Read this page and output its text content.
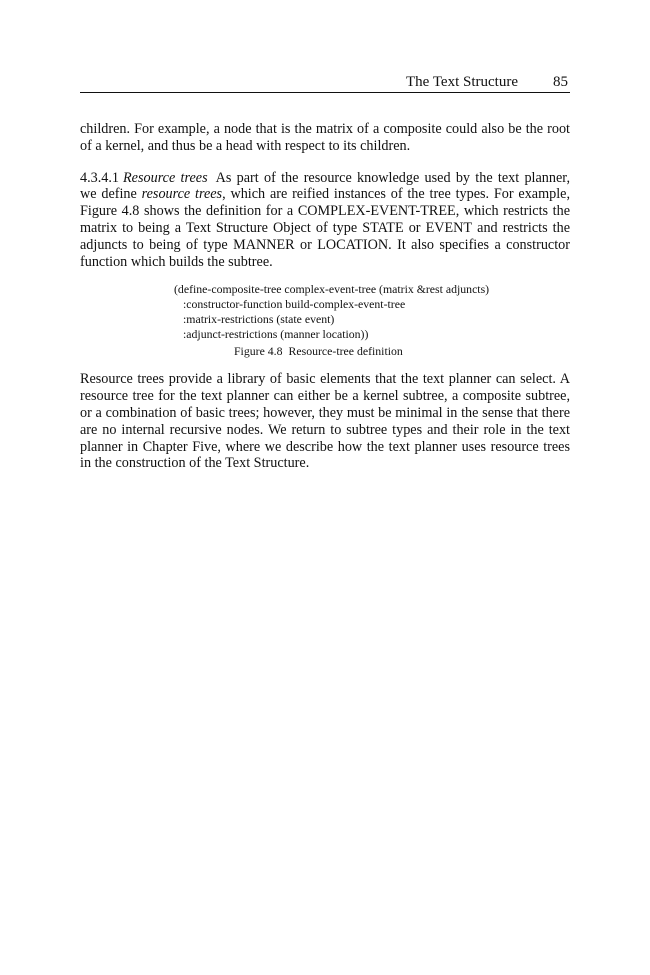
The Text Structure 85

children. For example, a node that is the matrix of a composite could also be the root of a kernel, and thus be a head with respect to its children.

4.3.4.1 Resource trees As part of the resource knowledge used by the text planner, we define resource trees, which are reified instances of the tree types. For example, Figure 4.8 shows the definition for a COMPLEX-EVENT-TREE, which restricts the matrix to being a Text Structure Object of type STATE or EVENT and restricts the adjuncts to being of type MANNER or LOCATION. It also specifies a constructor function which builds the subtree.

(define-composite-tree complex-event-tree (matrix &rest adjuncts)
:constructor-function build-complex-event-tree
:matrix-restrictions (state event)
:adjunct-restrictions (manner location))
Figure 4.8 Resource-tree definition

Resource trees provide a library of basic elements that the text planner can select. A resource tree for the text planner can either be a kernel subtree, a composite subtree, or a combination of basic trees; however, they must be minimal in the sense that there are no internal recursive nodes. We return to subtree types and their role in the text planner in Chapter Five, where we describe how the text planner uses resource trees in the construction of the Text Structure.
